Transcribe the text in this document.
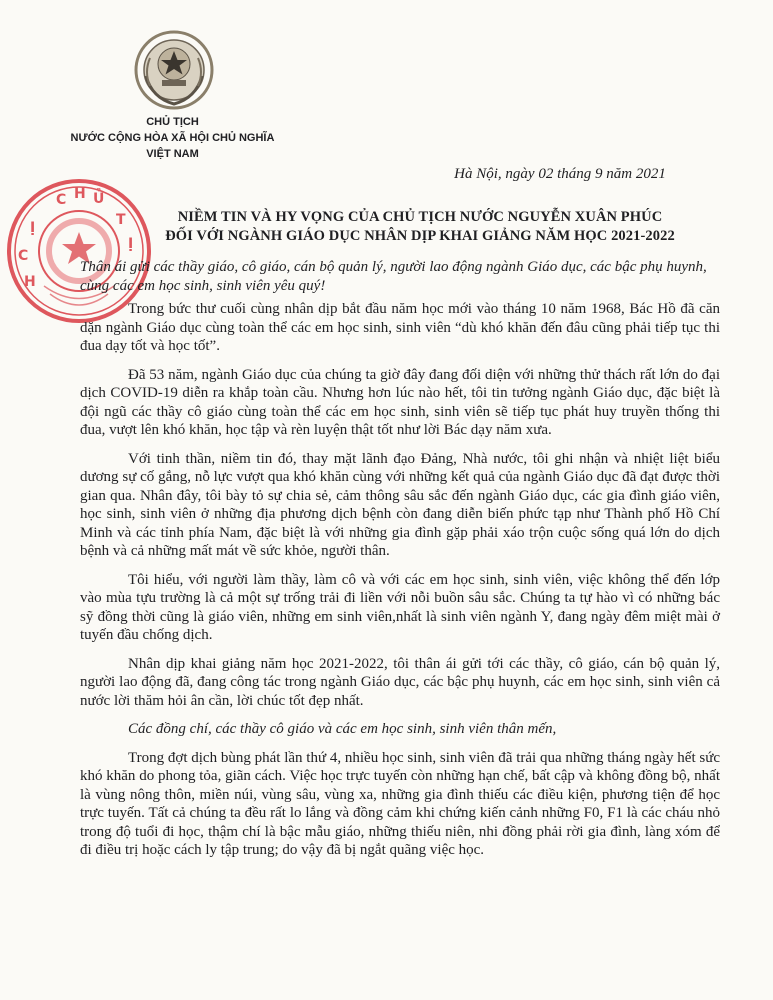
CHỦ TỊCH
NƯỚC CỘNG HÒA XÃ HỘI CHỦ NGHĨA
VIỆT NAM
Hà Nội, ngày 02 tháng 9 năm 2021
C H Ủ
T
Ị
Ị
C
H
NIỀM TIN VÀ HY VỌNG CỦA CHỦ TỊCH NƯỚC NGUYỄN XUÂN PHÚC
ĐỐI VỚI NGÀNH GIÁO DỤC NHÂN DỊP KHAI GIẢNG NĂM HỌC 2021-2022
Thân ái gửi các thầy giáo, cô giáo, cán bộ quản lý, người lao động ngành Giáo dục, các bậc phụ huynh, cùng các em học sinh, sinh viên yêu quý!

Trong bức thư cuối cùng nhân dịp bắt đầu năm học mới vào tháng 10 năm 1968, Bác Hồ đã căn dặn ngành Giáo dục cùng toàn thể các em học sinh, sinh viên “dù khó khăn đến đâu cũng phải tiếp tục thi đua dạy tốt và học tốt”.

Đã 53 năm, ngành Giáo dục của chúng ta giờ đây đang đối diện với những thử thách rất lớn do đại dịch COVID-19 diễn ra khắp toàn cầu. Nhưng hơn lúc nào hết, tôi tin tưởng ngành Giáo dục, đặc biệt là đội ngũ các thầy cô giáo cùng toàn thể các em học sinh, sinh viên sẽ tiếp tục phát huy truyền thống thi đua, vượt lên khó khăn, học tập và rèn luyện thật tốt như lời Bác dạy năm xưa.

Với tinh thần, niềm tin đó, thay mặt lãnh đạo Đảng, Nhà nước, tôi ghi nhận và nhiệt liệt biểu dương sự cố gắng, nỗ lực vượt qua khó khăn cùng với những kết quả của ngành Giáo dục đã đạt được thời gian qua. Nhân đây, tôi bày tỏ sự chia sẻ, cảm thông sâu sắc đến ngành Giáo dục, các gia đình giáo viên, học sinh, sinh viên ở những địa phương dịch bệnh còn đang diễn biến phức tạp như Thành phố Hồ Chí Minh và các tỉnh phía Nam, đặc biệt là với những gia đình gặp phải xáo trộn cuộc sống quá lớn do dịch bệnh và cả những mất mát về sức khỏe, người thân.

Tôi hiểu, với người làm thầy, làm cô và với các em học sinh, sinh viên, việc không thể đến lớp vào mùa tựu trường là cả một sự trống trải đi liền với nỗi buồn sâu sắc. Chúng ta tự hào vì có những bác sỹ đồng thời cũng là giáo viên, những em sinh viên,nhất là sinh viên ngành Y, đang ngày đêm miệt mài ở tuyến đầu chống dịch.

Nhân dịp khai giảng năm học 2021-2022, tôi thân ái gửi tới các thầy, cô giáo, cán bộ quản lý, người lao động đã, đang công tác trong ngành Giáo dục, các bậc phụ huynh, các em học sinh, sinh viên cả nước lời thăm hỏi ân cần, lời chúc tốt đẹp nhất.

Các đồng chí, các thầy cô giáo và các em học sinh, sinh viên thân mến,

Trong đợt dịch bùng phát lần thứ 4, nhiều học sinh, sinh viên đã trải qua những tháng ngày hết sức khó khăn do phong tỏa, giãn cách. Việc học trực tuyến còn những hạn chế, bất cập và không đồng bộ, nhất là vùng nông thôn, miền núi, vùng sâu, vùng xa, những gia đình thiếu các điều kiện, phương tiện để học trực tuyến. Tất cả chúng ta đều rất lo lắng và đồng cảm khi chứng kiến cảnh những F0, F1 là các cháu nhỏ trong độ tuổi đi học, thậm chí là bậc mẫu giáo, những thiếu niên, nhi đồng phải rời gia đình, làng xóm để đi điều trị hoặc cách ly tập trung; do vậy đã bị ngắt quãng việc học.
